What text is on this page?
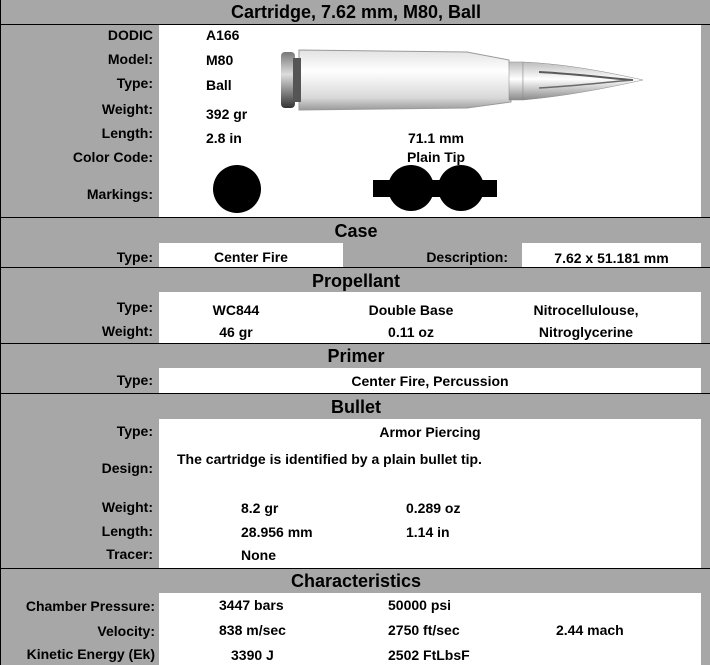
Cartridge, 7.62 mm, M80, Ball
DODIC	A166
Model:	M80
Type:	Ball
Weight:	392 gr
Length:	2.8 in	71.1 mm
Color Code:	Plain Tip
Markings:
Case
Type:	Center Fire	Description:	7.62 x 51.181 mm
Propellant
Type:	WC844	Double Base	Nitrocellulouse,
Weight:	46 gr	0.11 oz	Nitroglycerine
Primer
Type:	Center Fire, Percussion
Bullet
Type:	Armor Piercing
Design:
The cartridge is identified by a plain bullet tip.
Weight:	8.2 gr	0.289 oz
Length:	28.956 mm	1.14 in
Tracer:	None
Characteristics
Chamber Pressure:	3447 bars	50000 psi
Velocity:	838 m/sec	2750 ft/sec	2.44 mach
Kinetic Energy (Ek)	3390 J	2502 FtLbsF
